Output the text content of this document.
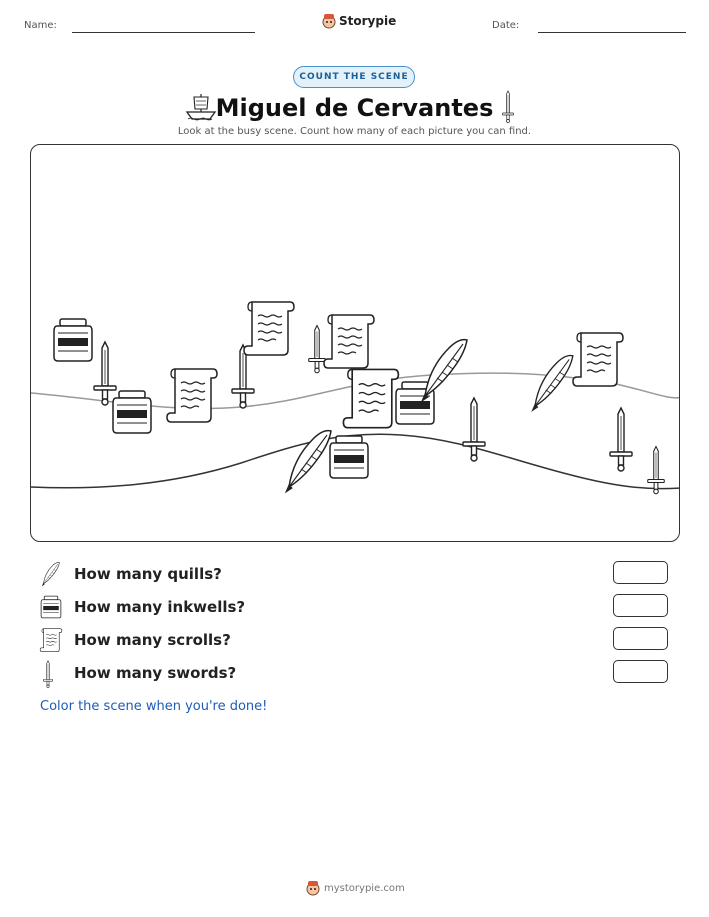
Name:	Storypie	Date:
COUNT THE SCENE
Miguel de Cervantes
Look at the busy scene. Count how many of each picture you can find.
How many quills?
How many inkwells?
How many scrolls?
How many swords?
Color the scene when you're done!
mystorypie.com
